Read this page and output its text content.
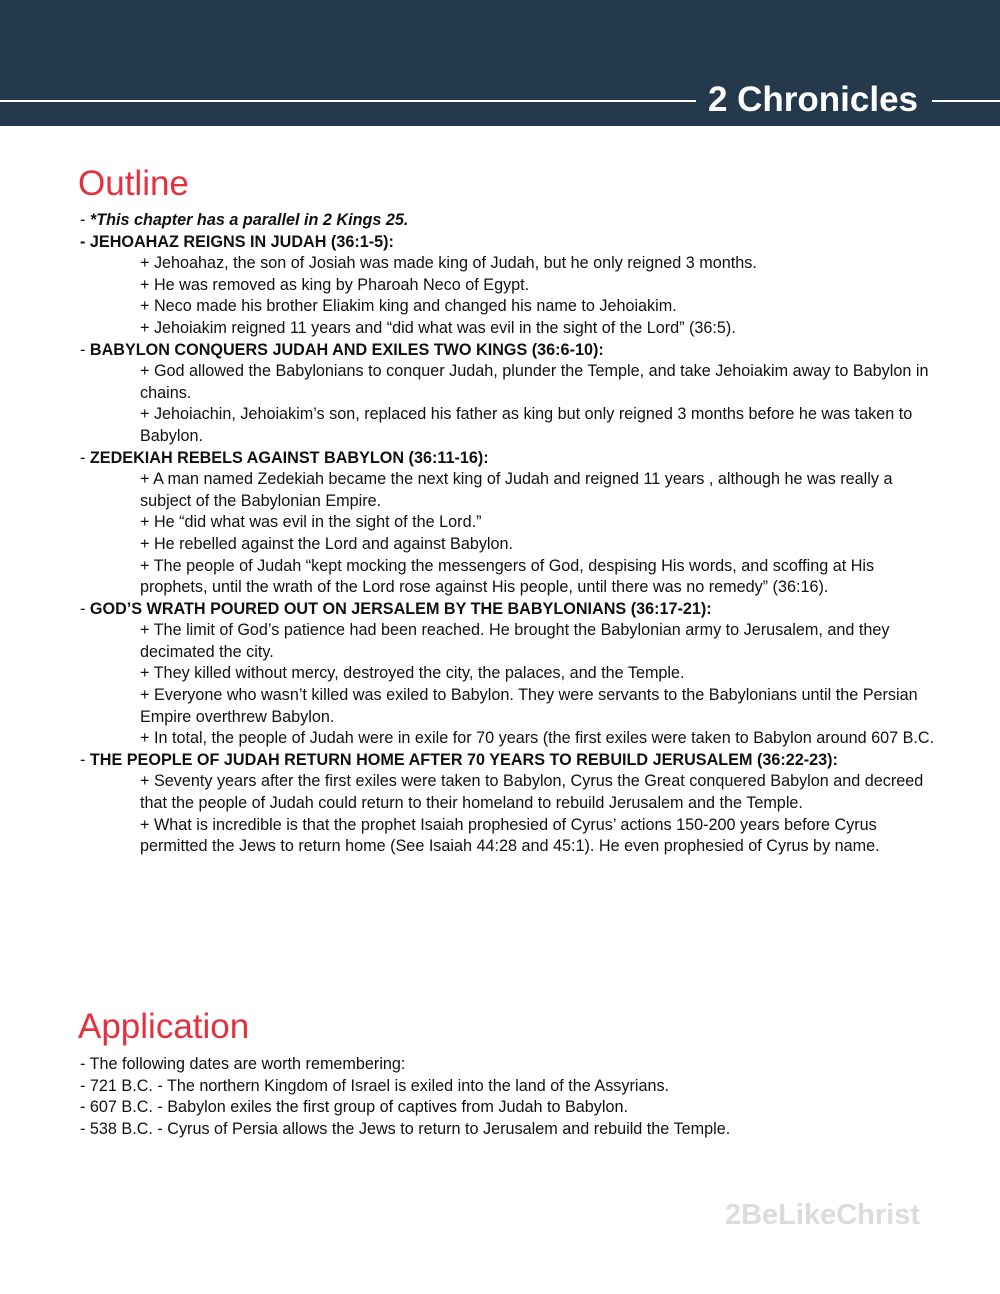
2 Chronicles
Outline
- *This chapter has a parallel in 2 Kings 25.
- JEHOAHAZ REIGNS IN JUDAH (36:1-5):
+ Jehoahaz, the son of Josiah was made king of Judah, but he only reigned 3 months.
+ He was removed as king by Pharoah Neco of Egypt.
+ Neco made his brother Eliakim king and changed his name to Jehoiakim.
+ Jehoiakim reigned 11 years and “did what was evil in the sight of the Lord” (36:5).
- BABYLON CONQUERS JUDAH AND EXILES TWO KINGS (36:6-10):
+ God allowed the Babylonians to conquer Judah, plunder the Temple, and take Jehoiakim away to Babylon in chains.
+ Jehoiachin, Jehoiakim’s son, replaced his father as king but only reigned 3 months before he was taken to Babylon.
- ZEDEKIAH REBELS AGAINST BABYLON (36:11-16):
+ A man named Zedekiah became the next king of Judah and reigned 11 years , although he was really a subject of the Babylonian Empire.
+ He “did what was evil in the sight of the Lord.”
+ He rebelled against the Lord and against Babylon.
+ The people of Judah “kept mocking the messengers of God, despising His words, and scoffing at His prophets, until the wrath of the Lord rose against His people, until there was no remedy” (36:16).
- GOD’S WRATH POURED OUT ON JERSALEM BY THE BABYLONIANS (36:17-21):
+ The limit of God’s patience had been reached. He brought the Babylonian army to Jerusalem, and they decimated the city.
+ They killed without mercy, destroyed the city, the palaces, and the Temple.
+ Everyone who wasn’t killed was exiled to Babylon. They were servants to the Babylonians until the Persian Empire overthrew Babylon.
+ In total, the people of Judah were in exile for 70 years (the first exiles were taken to Babylon around 607 B.C.
- THE PEOPLE OF JUDAH RETURN HOME AFTER 70 YEARS TO REBUILD JERUSALEM (36:22-23):
+ Seventy years after the first exiles were taken to Babylon, Cyrus the Great conquered Babylon and decreed that the people of Judah could return to their homeland to rebuild Jerusalem and the Temple.
+ What is incredible is that the prophet Isaiah prophesied of Cyrus’ actions 150-200 years before Cyrus permitted the Jews to return home (See Isaiah 44:28 and 45:1). He even prophesied of Cyrus by name.
Application
- The following dates are worth remembering:
- 721 B.C. - The northern Kingdom of Israel is exiled into the land of the Assyrians.
- 607 B.C. - Babylon exiles the first group of captives from Judah to Babylon.
- 538 B.C. - Cyrus of Persia allows the Jews to return to Jerusalem and rebuild the Temple.
2BeLikeChrist
